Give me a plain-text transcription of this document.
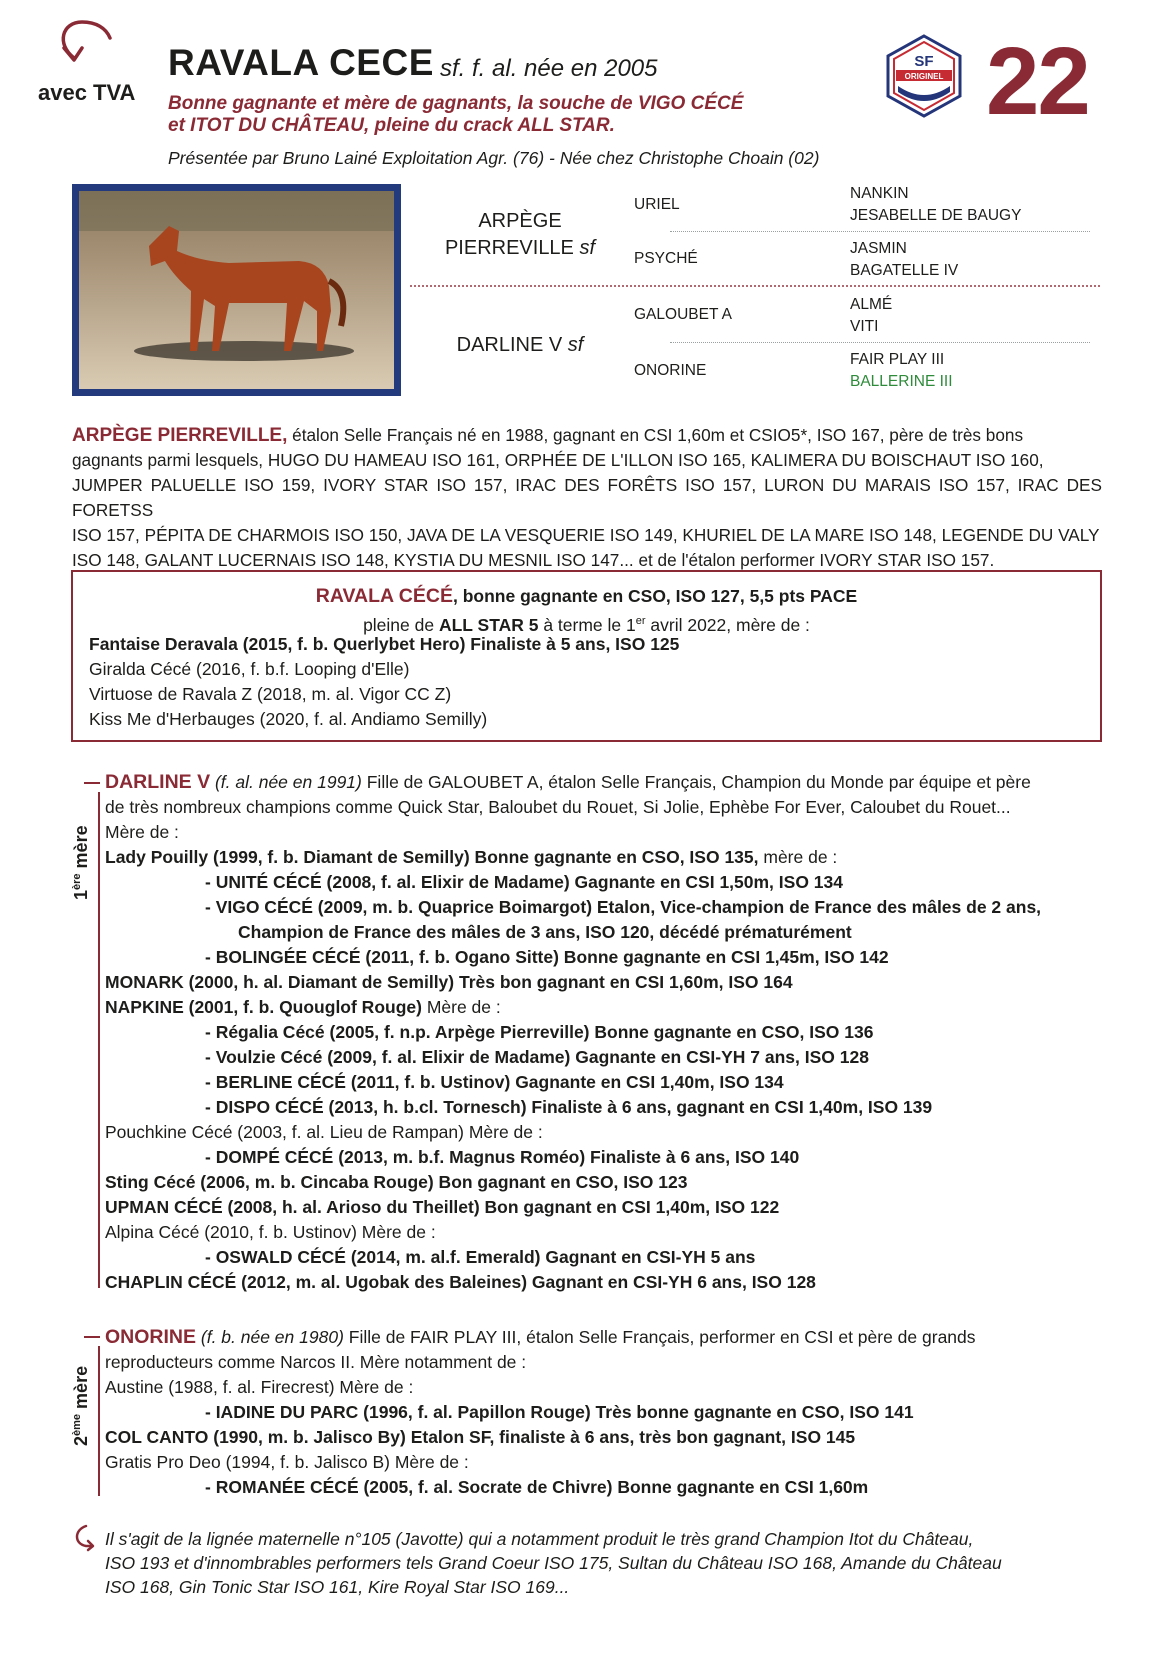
avec TVA
RAVALA CECE sf. f. al. née en 2005
Bonne gagnante et mère de gagnants, la souche de VIGO CÉCÉ
et ITOT DU CHÂTEAU, pleine du crack ALL STAR.
Présentée par Bruno Lainé Exploitation Agr. (76) - Née chez Christophe Choain (02)
SF
ORIGINEL 22
ARPÈGE
PIERREVILLE sf
DARLINE V sf
URIEL
PSYCHÉ
GALOUBET A
ONORINE
NANKIN
JESABELLE DE BAUGY
JASMIN
BAGATELLE IV
ALMÉ
VITI
FAIR PLAY III
BALLERINE III
ARPÈGE PIERREVILLE, étalon Selle Français né en 1988, gagnant en CSI 1,60m et CSIO5*, ISO 167, père de très bons
gagnants parmi lesquels, HUGO DU HAMEAU ISO 161, ORPHÉE DE L'ILLON ISO 165, KALIMERA DU BOISCHAUT ISO 160,
JUMPER PALUELLE ISO 159, IVORY STAR ISO 157, IRAC DES FORÊTS ISO 157, LURON DU MARAIS ISO 157, IRAC DES FORETSS
ISO 157, PÉPITA DE CHARMOIS ISO 150, JAVA DE LA VESQUERIE ISO 149, KHURIEL DE LA MARE ISO 148, LEGENDE DU VALY
ISO 148, GALANT LUCERNAIS ISO 148, KYSTIA DU MESNIL ISO 147... et de l'étalon performer IVORY STAR ISO 157.
RAVALA CÉCÉ, bonne gagnante en CSO, ISO 127, 5,5 pts PACE
pleine de ALL STAR 5 à terme le 1er avril 2022, mère de :
Fantaise Deravala (2015, f. b. Querlybet Hero) Finaliste à 5 ans, ISO 125
Giralda Cécé (2016, f. b.f. Looping d'Elle)
Virtuose de Ravala Z (2018, m. al. Vigor CC Z)
Kiss Me d'Herbauges (2020, f. al. Andiamo Semilly)
1ère mère
DARLINE V (f. al. née en 1991) Fille de GALOUBET A, étalon Selle Français, Champion du Monde par équipe et père
de très nombreux champions comme Quick Star, Baloubet du Rouet, Si Jolie, Ephèbe For Ever, Caloubet du Rouet...
Mère de :
Lady Pouilly (1999, f. b. Diamant de Semilly) Bonne gagnante en CSO, ISO 135, mère de :
- UNITÉ CÉCÉ (2008, f. al. Elixir de Madame) Gagnante en CSI 1,50m, ISO 134
- VIGO CÉCÉ (2009, m. b. Quaprice Boimargot) Etalon, Vice-champion de France des mâles de 2 ans,
Champion de France des mâles de 3 ans, ISO 120, décédé prématurément
- BOLINGÉE CÉCÉ (2011, f. b. Ogano Sitte) Bonne gagnante en CSI 1,45m, ISO 142
MONARK (2000, h. al. Diamant de Semilly) Très bon gagnant en CSI 1,60m, ISO 164
NAPKINE (2001, f. b. Quouglof Rouge) Mère de :
- Régalia Cécé (2005, f. n.p. Arpège Pierreville) Bonne gagnante en CSO, ISO 136
- Voulzie Cécé (2009, f. al. Elixir de Madame) Gagnante en CSI-YH 7 ans, ISO 128
- BERLINE CÉCÉ (2011, f. b. Ustinov) Gagnante en CSI 1,40m, ISO 134
- DISPO CÉCÉ (2013, h. b.cl. Tornesch) Finaliste à 6 ans, gagnant en CSI 1,40m, ISO 139
Pouchkine Cécé (2003, f. al. Lieu de Rampan) Mère de :
- DOMPÉ CÉCÉ (2013, m. b.f. Magnus Roméo) Finaliste à 6 ans, ISO 140
Sting Cécé (2006, m. b. Cincaba Rouge) Bon gagnant en CSO, ISO 123
UPMAN CÉCÉ (2008, h. al. Arioso du Theillet) Bon gagnant en CSI 1,40m, ISO 122
Alpina Cécé (2010, f. b. Ustinov) Mère de :
- OSWALD CÉCÉ (2014, m. al.f. Emerald) Gagnant en CSI-YH 5 ans
CHAPLIN CÉCÉ (2012, m. al. Ugobak des Baleines) Gagnant en CSI-YH 6 ans, ISO 128
2ème mère
ONORINE (f. b. née en 1980) Fille de FAIR PLAY III, étalon Selle Français, performer en CSI et père de grands
reproducteurs comme Narcos II. Mère notamment de :
Austine (1988, f. al. Firecrest) Mère de :
- IADINE DU PARC (1996, f. al. Papillon Rouge) Très bonne gagnante en CSO, ISO 141
COL CANTO (1990, m. b. Jalisco By) Etalon SF, finaliste à 6 ans, très bon gagnant, ISO 145
Gratis Pro Deo (1994, f. b. Jalisco B) Mère de :
- ROMANÉE CÉCÉ (2005, f. al. Socrate de Chivre) Bonne gagnante en CSI 1,60m
Il s'agit de la lignée maternelle n°105 (Javotte) qui a notamment produit le très grand Champion Itot du Château,
ISO 193 et d'innombrables performers tels Grand Coeur ISO 175, Sultan du Château ISO 168, Amande du Château
ISO 168, Gin Tonic Star ISO 161, Kire Royal Star ISO 169...
